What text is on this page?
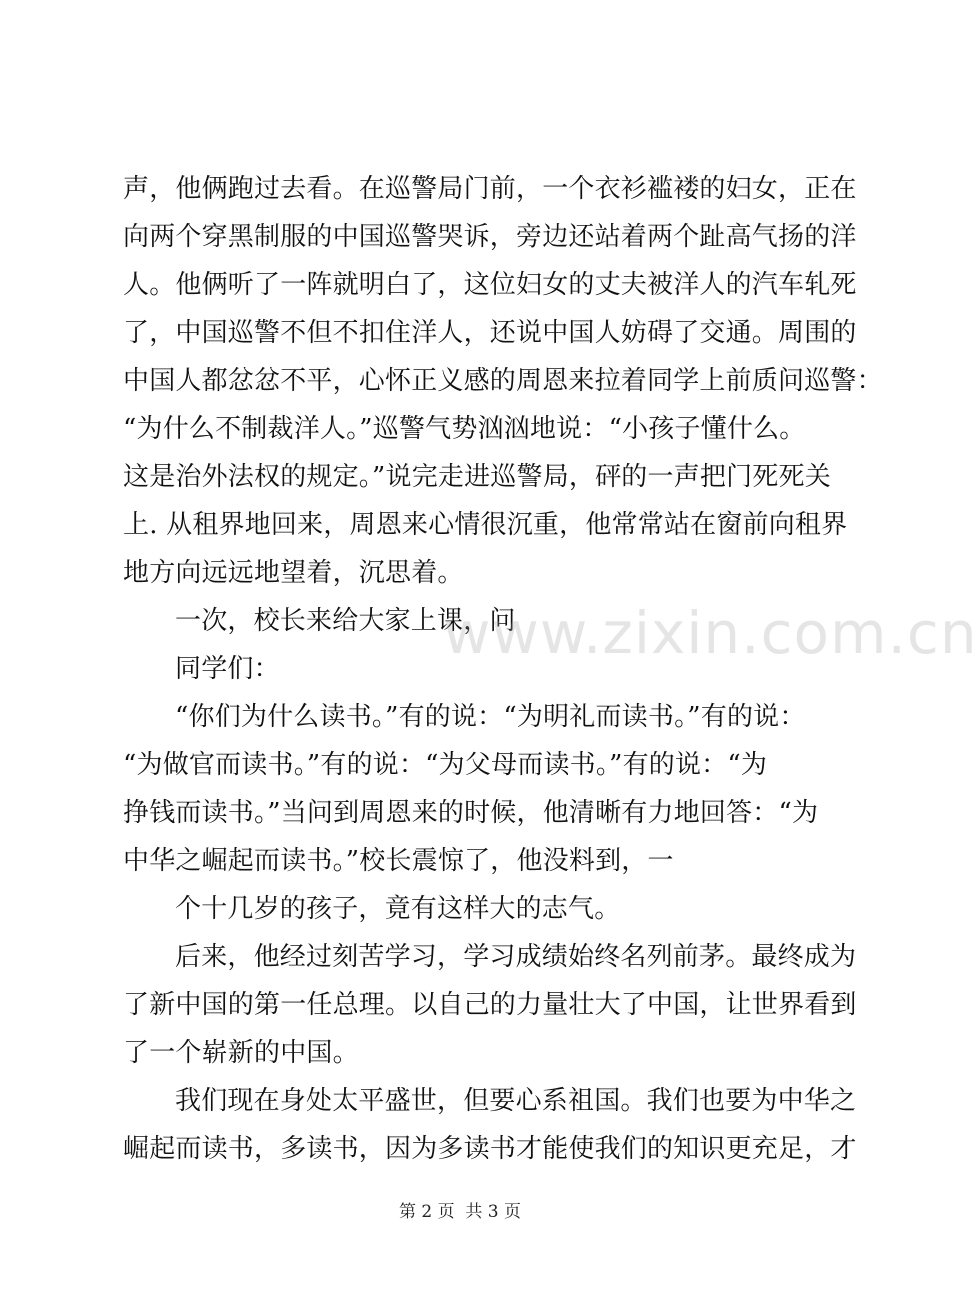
声，他俩跑过去看。在巡警局门前，一个衣衫褴褛的妇女，正在
向两个穿黑制服的中国巡警哭诉，旁边还站着两个趾高气扬的洋
人。他俩听了一阵就明白了，这位妇女的丈夫被洋人的汽车轧死
了，中国巡警不但不扣住洋人，还说中国人妨碍了交通。周围的
中国人都忿忿不平，心怀正义感的周恩来拉着同学上前质问巡警：
“为什么不制裁洋人。”巡警气势汹汹地说：“小孩子懂什么。
这是治外法权的规定。”说完走进巡警局，砰的一声把门死死关
上. 从租界地回来，周恩来心情很沉重，他常常站在窗前向租界
地方向远远地望着，沉思着。
一次，校长来给大家上课，问
同学们：
“你们为什么读书。”有的说：“为明礼而读书。”有的说：
“为做官而读书。”有的说：“为父母而读书。”有的说：“为
挣钱而读书。”当问到周恩来的时候，他清晰有力地回答：“为
中华之崛起而读书。”校长震惊了，他没料到，一
个十几岁的孩子，竟有这样大的志气。
后来，他经过刻苦学习，学习成绩始终名列前茅。最终成为
了新中国的第一任总理。以自己的力量壮大了中国，让世界看到
了一个崭新的中国。
我们现在身处太平盛世，但要心系祖国。我们也要为中华之
崛起而读书，多读书，因为多读书才能使我们的知识更充足，才
www.zixin.com.cn
第 2 页  共 3 页
